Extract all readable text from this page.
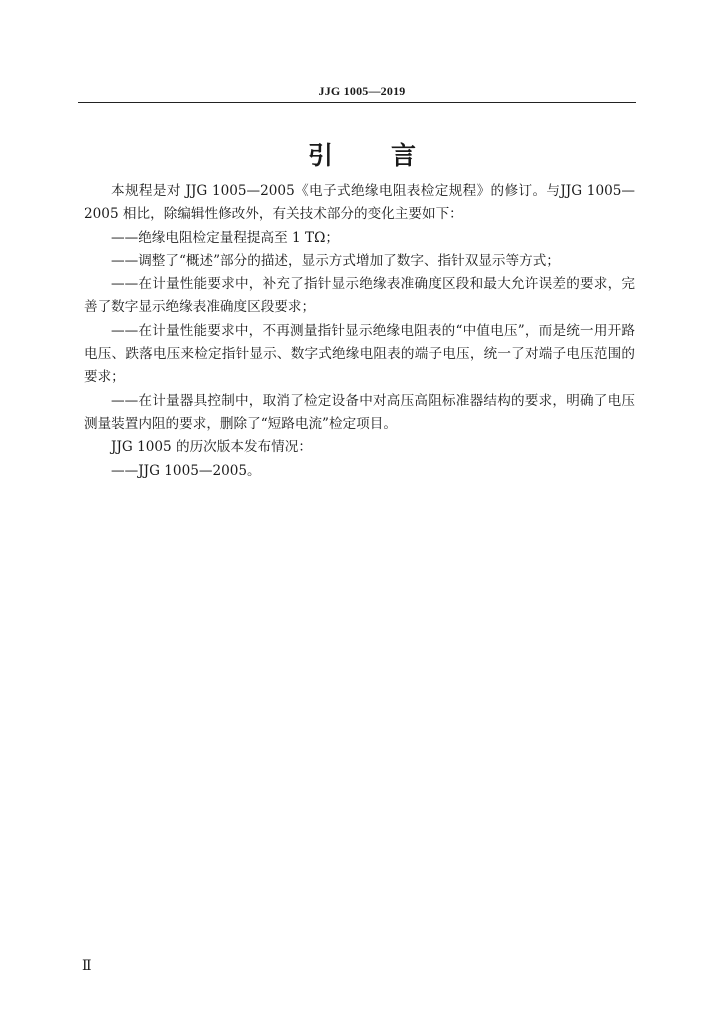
JJG 1005—2019
引 言

本规程是对 JJG 1005—2005《电子式绝缘电阻表检定规程》的修订。与JJG 1005—2005 相比，除编辑性修改外，有关技术部分的变化主要如下：

——绝缘电阻检定量程提高至 1 TΩ；

——调整了“概述”部分的描述，显示方式增加了数字、指针双显示等方式；

——在计量性能要求中，补充了指针显示绝缘表准确度区段和最大允许误差的要求，完善了数字显示绝缘表准确度区段要求；

——在计量性能要求中，不再测量指针显示绝缘电阻表的“中值电压”，而是统一用开路电压、跌落电压来检定指针显示、数字式绝缘电阻表的端子电压，统一了对端子电压范围的要求；

——在计量器具控制中，取消了检定设备中对高压高阻标准器结构的要求，明确了电压测量装置内阻的要求，删除了“短路电流”检定项目。

JJG 1005 的历次版本发布情况：

——JJG 1005—2005。

Ⅱ
